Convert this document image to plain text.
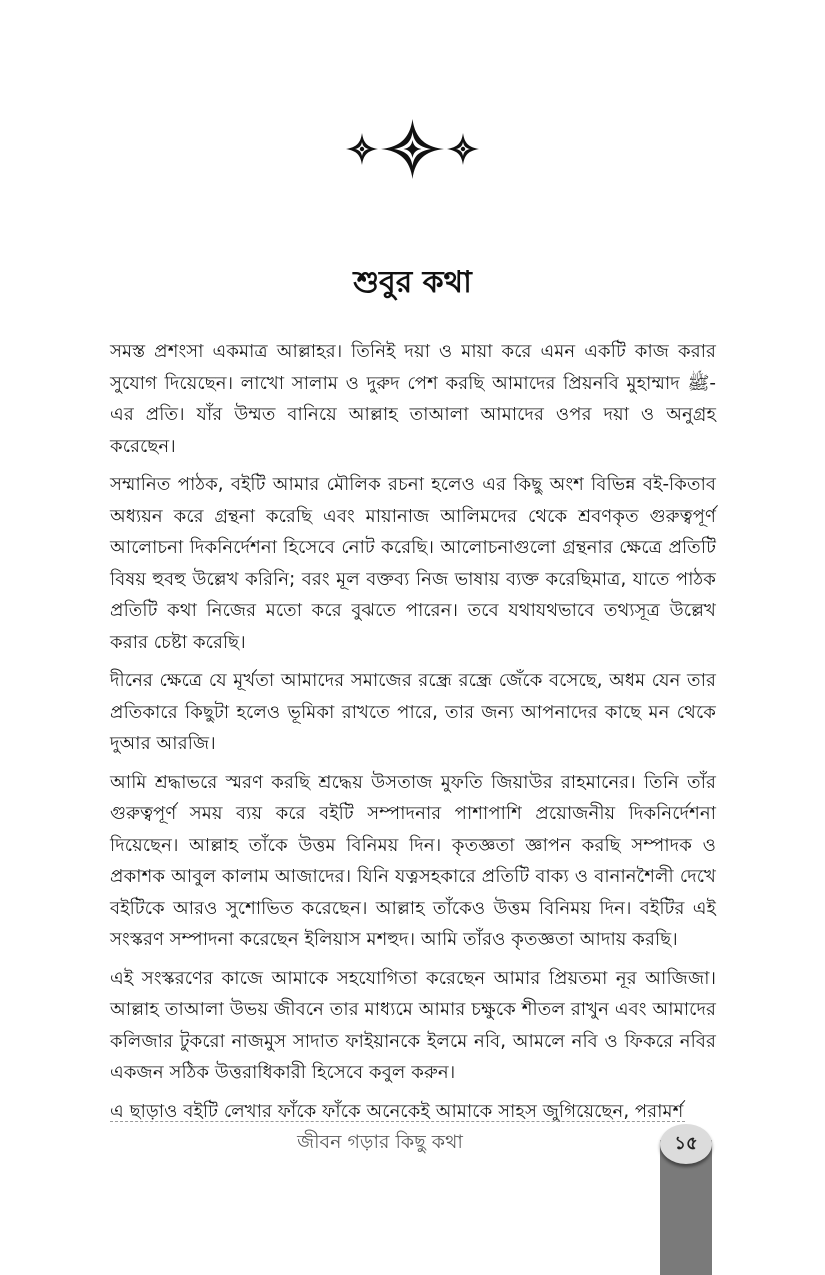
শুবুর কথা

সমস্ত প্রশংসা একমাত্র আল্লাহর। তিনিই দয়া ও মায়া করে এমন একটি কাজ করার সুযোগ দিয়েছেন। লাখো সালাম ও দুরুদ পেশ করছি আমাদের প্রিয়নবি মুহাম্মাদ ﷺ-এর প্রতি। যাঁর উম্মত বানিয়ে আল্লাহ তাআলা আমাদের ওপর দয়া ও অনুগ্রহ করেছেন।

সম্মানিত পাঠক, বইটি আমার মৌলিক রচনা হলেও এর কিছু অংশ বিভিন্ন বই-কিতাব অধ্যয়ন করে গ্রন্থনা করেছি এবং মায়ানাজ আলিমদের থেকে শ্রবণকৃত গুরুত্বপূর্ণ আলোচনা দিকনির্দেশনা হিসেবে নোট করেছি। আলোচনাগুলো গ্রন্থনার ক্ষেত্রে প্রতিটি বিষয় হুবহু উল্লেখ করিনি; বরং মূল বক্তব্য নিজ ভাষায় ব্যক্ত করেছিমাত্র, যাতে পাঠক প্রতিটি কথা নিজের মতো করে বুঝতে পারেন। তবে যথাযথভাবে তথ্যসূত্র উল্লেখ করার চেষ্টা করেছি।

দীনের ক্ষেত্রে যে মূর্খতা আমাদের সমাজের রন্ধ্রে রন্ধ্রে জেঁকে বসেছে, অধম যেন তার প্রতিকারে কিছুটা হলেও ভূমিকা রাখতে পারে, তার জন্য আপনাদের কাছে মন থেকে দুআর আরজি।

আমি শ্রদ্ধাভরে স্মরণ করছি শ্রদ্ধেয় উসতাজ মুফতি জিয়াউর রাহমানের। তিনি তাঁর গুরুত্বপূর্ণ সময় ব্যয় করে বইটি সম্পাদনার পাশাপাশি প্রয়োজনীয় দিকনির্দেশনা দিয়েছেন। আল্লাহ তাঁকে উত্তম বিনিময় দিন। কৃতজ্ঞতা জ্ঞাপন করছি সম্পাদক ও প্রকাশক আবুল কালাম আজাদের। যিনি যত্নসহকারে প্রতিটি বাক্য ও বানানশৈলী দেখে বইটিকে আরও সুশোভিত করেছেন। আল্লাহ তাঁকেও উত্তম বিনিময় দিন। বইটির এই সংস্করণ সম্পাদনা করেছেন ইলিয়াস মশহুদ। আমি তাঁরও কৃতজ্ঞতা আদায় করছি।

এই সংস্করণের কাজে আমাকে সহযোগিতা করেছেন আমার প্রিয়তমা নূর আজিজা। আল্লাহ তাআলা উভয় জীবনে তার মাধ্যমে আমার চক্ষুকে শীতল রাখুন এবং আমাদের কলিজার টুকরো নাজমুস সাদাত ফাইয়ানকে ইলমে নবি, আমলে নবি ও ফিকরে নবির একজন সঠিক উত্তরাধিকারী হিসেবে কবুল করুন।

এ ছাড়াও বইটি লেখার ফাঁকে ফাঁকে অনেকেই আমাকে সাহস জুগিয়েছেন, পরামর্শ

জীবন গড়ার কিছু কথা	১৫
